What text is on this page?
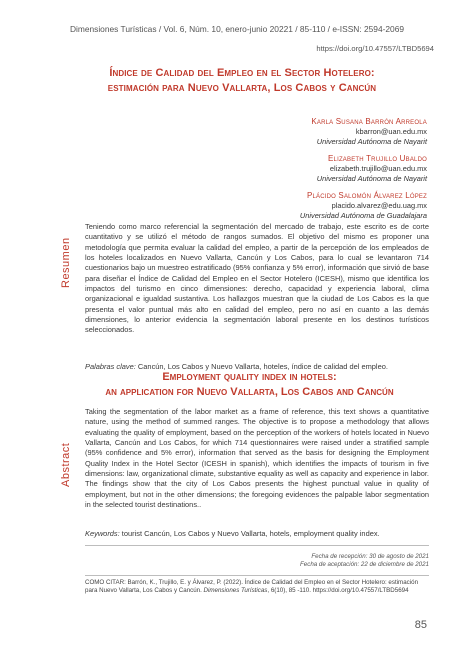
Dimensiones Turísticas / Vol. 6, Núm. 10, enero-junio 20221 / 85-110 / e-ISSN: 2594-2069
https://doi.org/10.47557/LTBD5694
Índice de Calidad del Empleo en el Sector Hotelero:
estimación para Nuevo Vallarta, Los Cabos y Cancún
Karla Susana Barrón Arreola
kbarron@uan.edu.mx
Universidad Autónoma de Nayarit
Elizabeth Trujillo Ubaldo
elizabeth.trujillo@uan.edu.mx
Universidad Autónoma de Nayarit
Plácido Salomón Álvarez López
placido.alvarez@edu.uag.mx
Universidad Autónoma de Guadalajara
Resumen
Teniendo como marco referencial la segmentación del mercado de trabajo, este escrito es de corte cuantitativo y se utilizó el método de rangos sumados. El objetivo del mismo es proponer una metodología que permita evaluar la calidad del empleo, a partir de la percepción de los empleados de los hoteles localizados en Nuevo Vallarta, Cancún y Los Cabos, para lo cual se levantaron 714 cuestionarios bajo un muestreo estratificado (95% confianza y 5% error), información que sirvió de base para diseñar el Índice de Calidad del Empleo en el Sector Hotelero (ICESH), mismo que identifica los impactos del turismo en cinco dimensiones: derecho, capacidad y experiencia laboral, clima organizacional e igualdad sustantiva. Los hallazgos muestran que la ciudad de Los Cabos es la que presenta el valor puntual más alto en calidad del empleo, pero no así en cuanto a las demás dimensiones, lo anterior evidencia la segmentación laboral presente en los destinos turísticos seleccionados.
Palabras clave: Cancún, Los Cabos y Nuevo Vallarta, hoteles, índice de calidad del empleo.
Employment quality index in hotels:
an application for Nuevo Vallarta, Los Cabos and Cancún
Abstract
Taking the segmentation of the labor market as a frame of reference, this text shows a quantitative nature, using the method of summed ranges. The objective is to propose a methodology that allows evaluating the quality of employment, based on the perception of the workers of hotels located in Nuevo Vallarta, Cancún and Los Cabos, for which 714 questionnaires were raised under a stratified sample (95% confidence and 5% error), information that served as the basis for designing the Employment Quality Index in the Hotel Sector (ICESH in spanish), which identifies the impacts of tourism in five dimensions: law, organizational climate, substantive equality as well as capacity and experience in labor. The findings show that the city of Los Cabos presents the highest punctual value in quality of employment, but not in the other dimensions; the foregoing evidences the palpable labor segmentation in the selected tourist destinations..
Keywords: tourist Cancún, Los Cabos y Nuevo Vallarta, hotels, employment quality index.
Fecha de recepción: 30 de agosto de 2021
Fecha de aceptación: 22 de diciembre de 2021
COMO CITAR: Barrón, K., Trujillo, E. y Álvarez, P. (2022). Índice de Calidad del Empleo en el Sector Hotelero: estimación para Nuevo Vallarta, Los Cabos y Cancún. Dimensiones Turísticas, 6(10), 85 -110. https://doi.org/10.47557/LTBD5694
85
